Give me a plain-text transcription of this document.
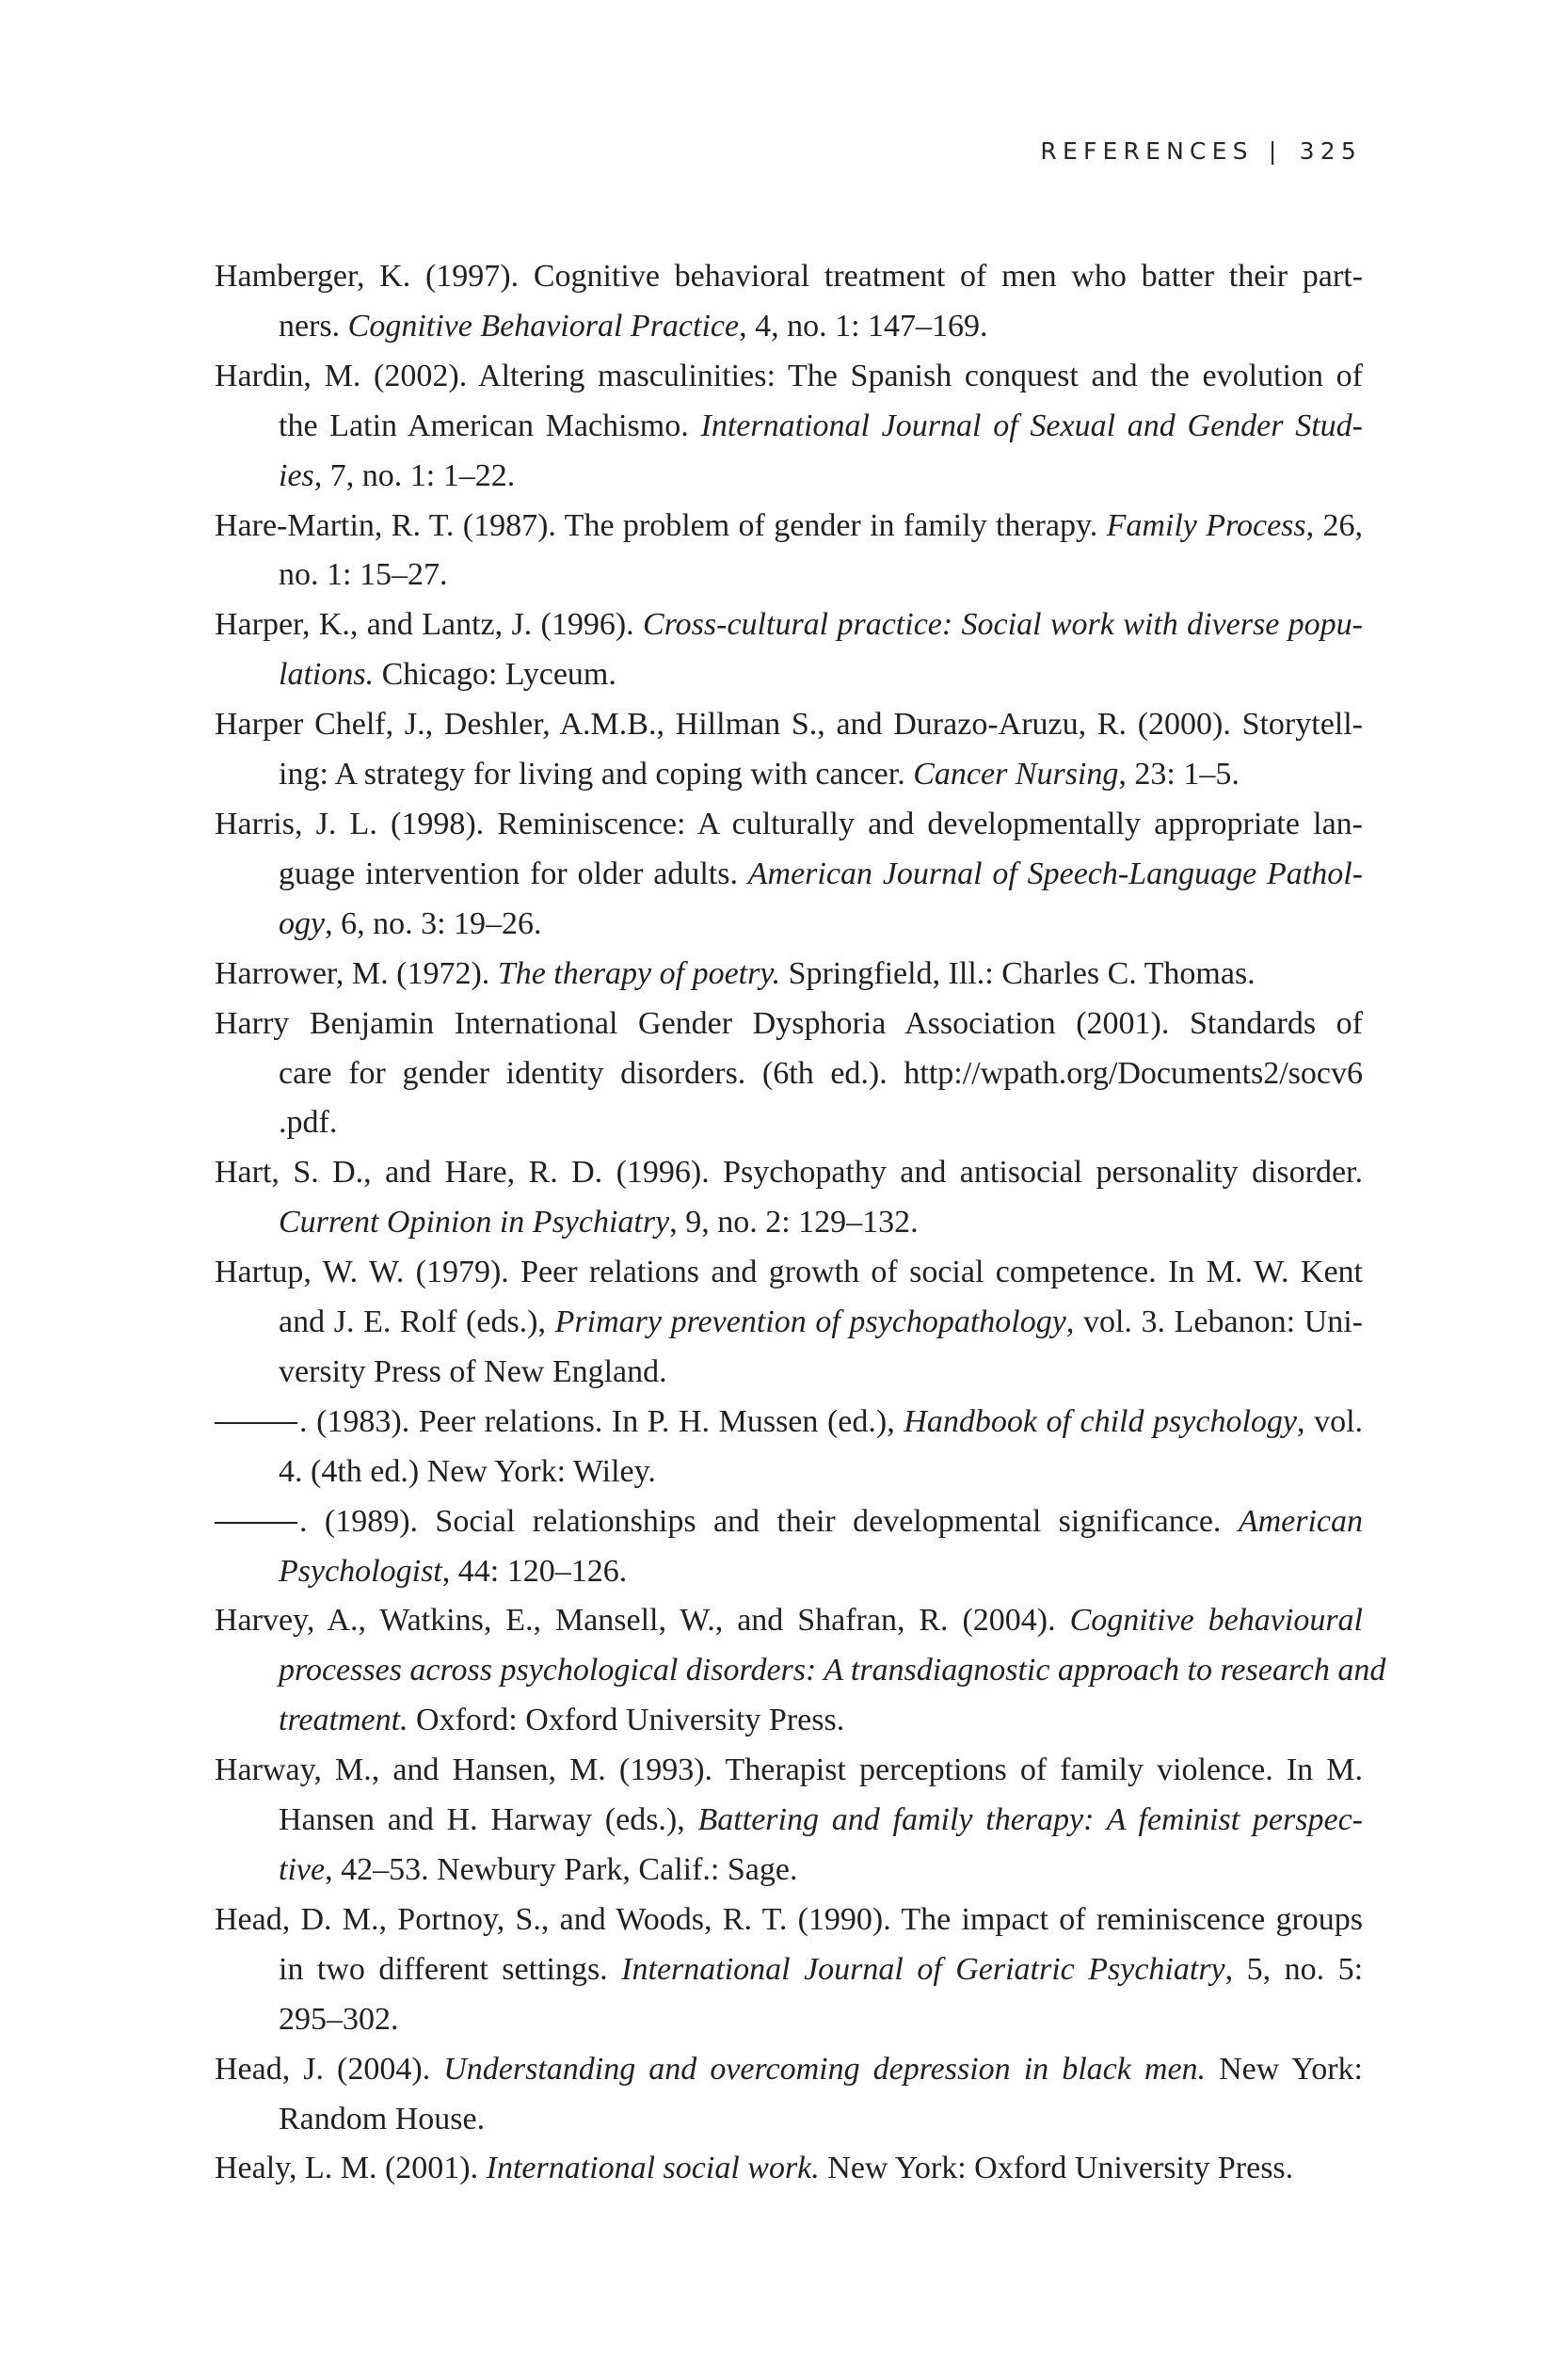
REFERENCES | 325
Hamberger, K. (1997). Cognitive behavioral treatment of men who batter their part-
ners. Cognitive Behavioral Practice, 4, no. 1: 147–169.
Hardin, M. (2002). Altering masculinities: The Spanish conquest and the evolution of
the Latin American Machismo. International Journal of Sexual and Gender Stud-
ies, 7, no. 1: 1–22.
Hare-Martin, R. T. (1987). The problem of gender in family therapy. Family Process, 26,
no. 1: 15–27.
Harper, K., and Lantz, J. (1996). Cross-cultural practice: Social work with diverse popu-
lations. Chicago: Lyceum.
Harper Chelf, J., Deshler, A.M.B., Hillman S., and Durazo-Aruzu, R. (2000). Storytell-
ing: A strategy for living and coping with cancer. Cancer Nursing, 23: 1–5.
Harris, J. L. (1998). Reminiscence: A culturally and developmentally appropriate lan-
guage intervention for older adults. American Journal of Speech-Language Pathol-
ogy, 6, no. 3: 19–26.
Harrower, M. (1972). The therapy of poetry. Springfield, Ill.: Charles C. Thomas.
Harry Benjamin International Gender Dysphoria Association (2001). Standards of
care for gender identity disorders. (6th ed.). http://wpath.org/Documents2/socv6
.pdf.
Hart, S. D., and Hare, R. D. (1996). Psychopathy and antisocial personality disorder.
Current Opinion in Psychiatry, 9, no. 2: 129–132.
Hartup, W. W. (1979). Peer relations and growth of social competence. In M. W. Kent
and J. E. Rolf (eds.), Primary prevention of psychopathology, vol. 3. Lebanon: Uni-
versity Press of New England.
. (1983). Peer relations. In P. H. Mussen (ed.), Handbook of child psychology, vol.
4. (4th ed.) New York: Wiley.
. (1989). Social relationships and their developmental significance. American
Psychologist, 44: 120–126.
Harvey, A., Watkins, E., Mansell, W., and Shafran, R. (2004). Cognitive behavioural
processes across psychological disorders: A transdiagnostic approach to research and
treatment. Oxford: Oxford University Press.
Harway, M., and Hansen, M. (1993). Therapist perceptions of family violence. In M.
Hansen and H. Harway (eds.), Battering and family therapy: A feminist perspec-
tive, 42–53. Newbury Park, Calif.: Sage.
Head, D. M., Portnoy, S., and Woods, R. T. (1990). The impact of reminiscence groups
in two different settings. International Journal of Geriatric Psychiatry, 5, no. 5:
295–302.
Head, J. (2004). Understanding and overcoming depression in black men. New York:
Random House.
Healy, L. M. (2001). International social work. New York: Oxford University Press.
